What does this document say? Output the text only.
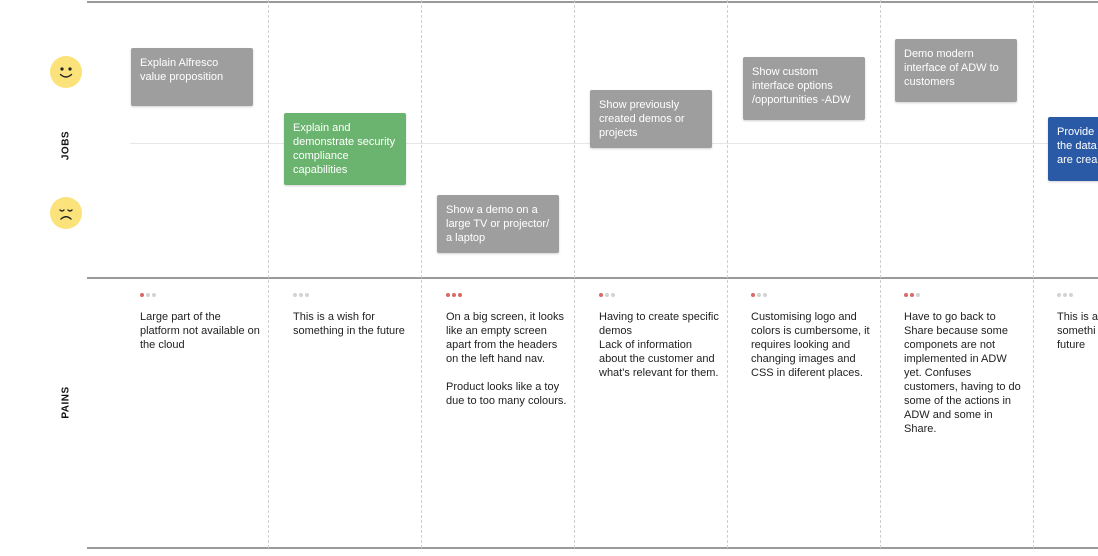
JOBS
PAINS
Explain Alfresco value proposition
Explain and demonstrate security compliance capabilities
Show a demo on a large TV or projector/ a laptop
Show previously created demos or projects
Show custom interface options /opportunities -ADW
Demo modern interface of ADW to customers
Provide the data are crea
Large part of the platform not available on the cloud
This is a wish for something in the future
On a big screen, it looks like an empty screen apart from the headers on the left hand nav.

Product looks like a toy due to too many colours.
Having to create specific demos
Lack of information about the customer and what's relevant for them.
Customising logo and colors is cumbersome, it requires looking and changing images and CSS in diferent places.
Have to go back to Share because some componets are not implemented in ADW yet. Confuses customers, having to do some of the actions in ADW and some in Share.
This is a somethi future
